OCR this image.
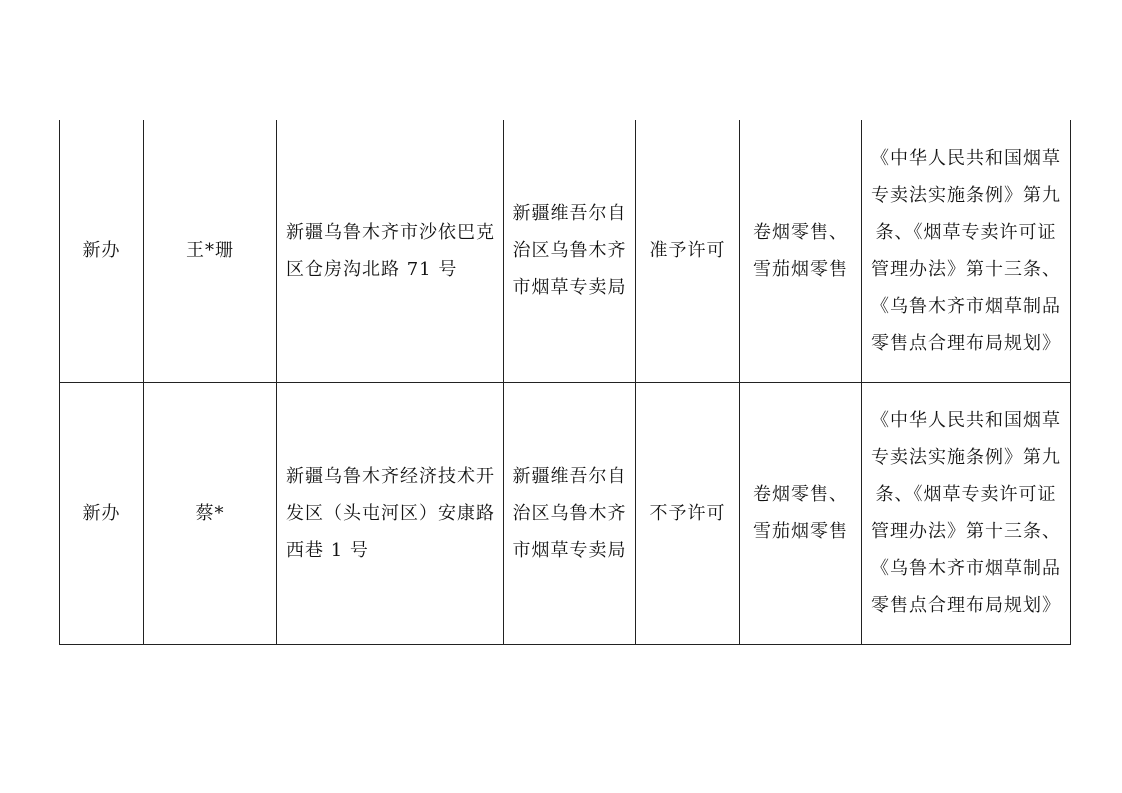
新办	王*珊	新疆乌鲁木齐市沙依巴克区仓房沟北路 71 号	新疆维吾尔自治区乌鲁木齐市烟草专卖局	准予许可	卷烟零售、雪茄烟零售	《中华人民共和国烟草专卖法实施条例》第九条、《烟草专卖许可证管理办法》第十三条、《乌鲁木齐市烟草制品零售点合理布局规划》

新办	蔡*	新疆乌鲁木齐经济技术开发区（头屯河区）安康路西巷 1 号	新疆维吾尔自治区乌鲁木齐市烟草专卖局	不予许可	卷烟零售、雪茄烟零售	《中华人民共和国烟草专卖法实施条例》第九条、《烟草专卖许可证管理办法》第十三条、《乌鲁木齐市烟草制品零售点合理布局规划》
